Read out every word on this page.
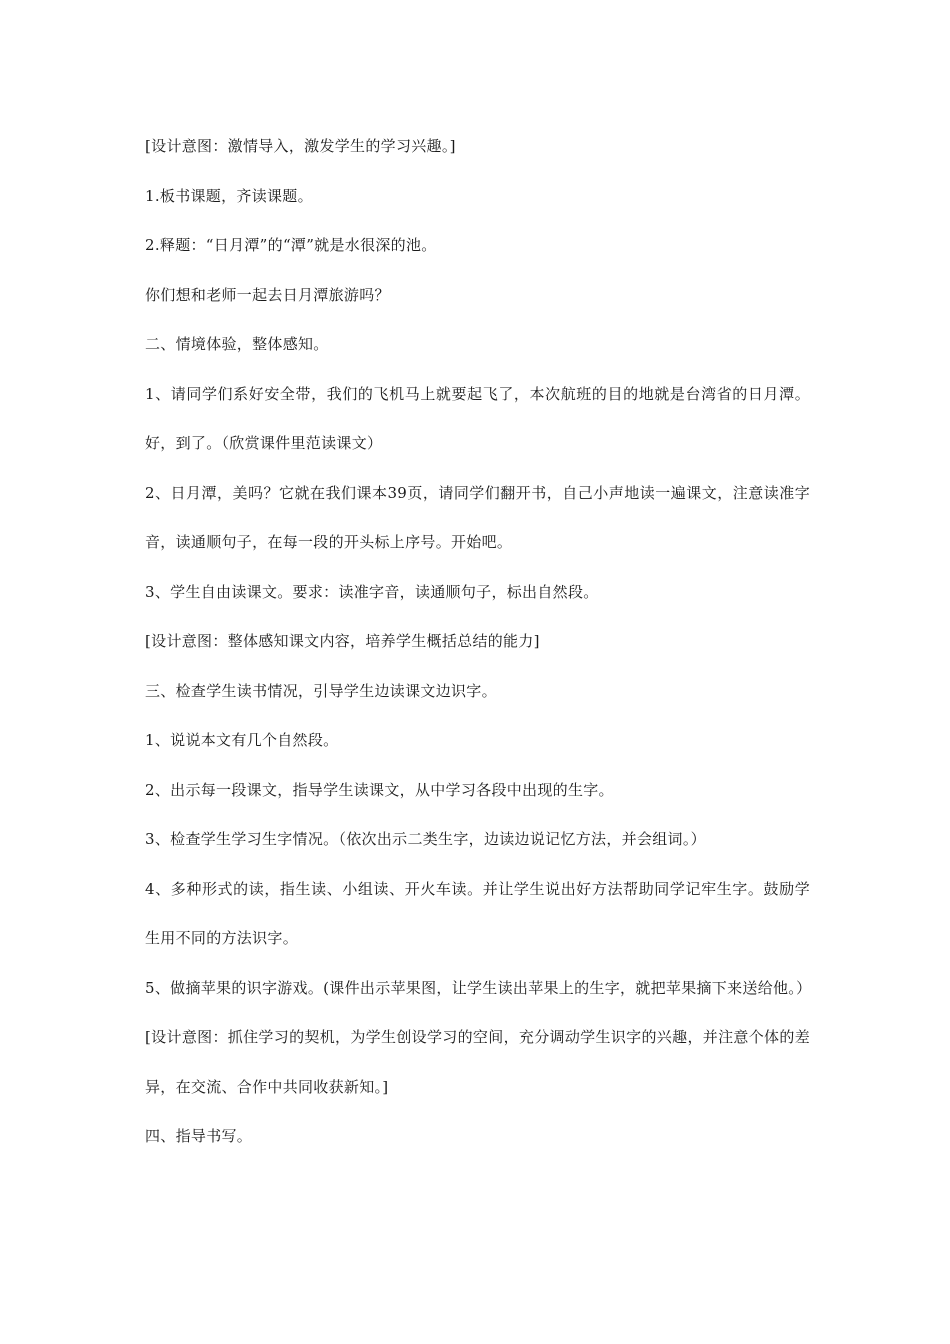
[设计意图：激情导入，激发学生的学习兴趣。]

1.板书课题，齐读课题。

2.释题：“日月潭”的“潭”就是水很深的池。

你们想和老师一起去日月潭旅游吗？

二、情境体验，整体感知。

1、请同学们系好安全带，我们的飞机马上就要起飞了，本次航班的目的地就是台湾省的日月潭。好，到了。（欣赏课件里范读课文）

2、日月潭，美吗？它就在我们课本39页，请同学们翻开书，自己小声地读一遍课文，注意读准字音，读通顺句子，在每一段的开头标上序号。开始吧。

3、学生自由读课文。要求：读准字音，读通顺句子，标出自然段。

[设计意图：整体感知课文内容，培养学生概括总结的能力]

三、检查学生读书情况，引导学生边读课文边识字。

1、说说本文有几个自然段。

2、出示每一段课文，指导学生读课文，从中学习各段中出现的生字。

3、检查学生学习生字情况。（依次出示二类生字，边读边说记忆方法，并会组词。）

4、多种形式的读，指生读、小组读、开火车读。并让学生说出好方法帮助同学记牢生字。鼓励学生用不同的方法识字。

5、做摘苹果的识字游戏。(课件出示苹果图，让学生读出苹果上的生字，就把苹果摘下来送给他。）

[设计意图：抓住学习的契机，为学生创设学习的空间，充分调动学生识字的兴趣，并注意个体的差异，在交流、合作中共同收获新知。]

四、指导书写。
